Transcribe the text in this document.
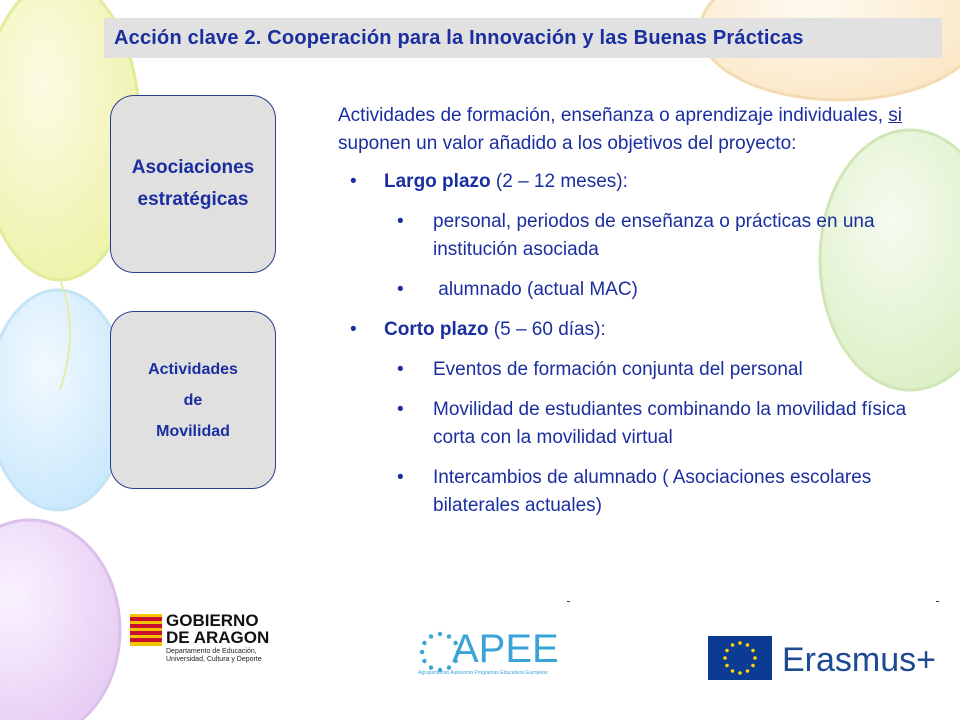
Acción clave 2. Cooperación para la Innovación y las Buenas Prácticas
Asociaciones
estratégicas
Actividades
de
Movilidad

Actividades de formación, enseñanza o aprendizaje individuales, si suponen un valor añadido a los objetivos del proyecto:

• Largo plazo (2 – 12 meses):

• personal, periodos de enseñanza o prácticas en una institución asociada

•  alumnado (actual MAC)

• Corto plazo (5 – 60 días):

• Eventos de formación conjunta del personal

• Movilidad de estudiantes combinando la movilidad física corta con la movilidad virtual

• Intercambios de alumnado ( Asociaciones escolares bilaterales actuales)

GOBIERNO
DE ARAGON
Departamento de Educación,
Universidad, Cultura y Deporte	APEE
Agrupamiento Autonomo Programas Educativos Europeos	Erasmus+
